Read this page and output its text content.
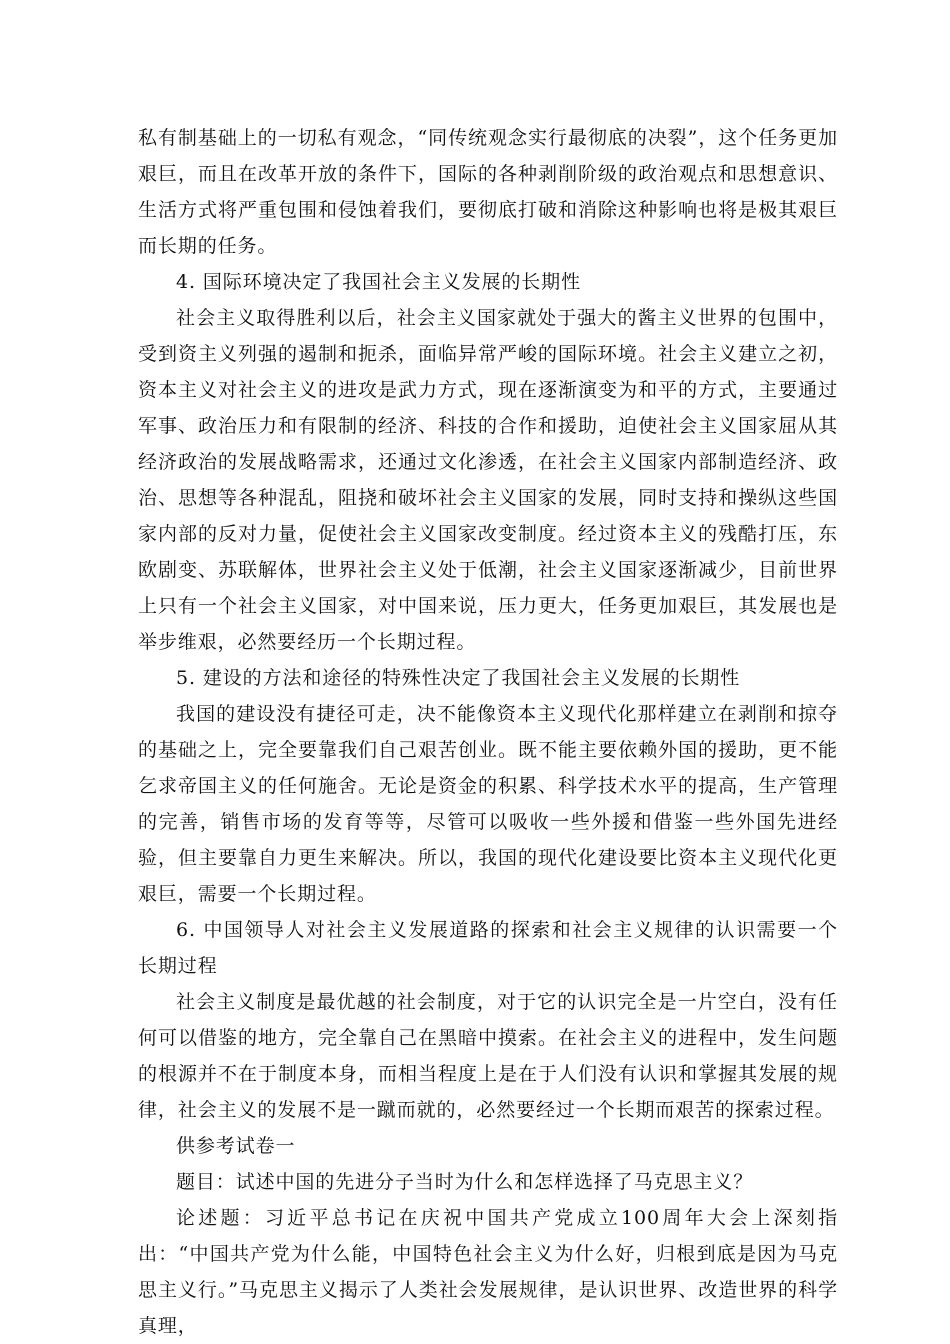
私有制基础上的一切私有观念，“同传统观念实行最彻底的决裂”，这个任务更加艰巨，而且在改革开放的条件下，国际的各种剥削阶级的政治观点和思想意识、生活方式将严重包围和侵蚀着我们，要彻底打破和消除这种影响也将是极其艰巨而长期的任务。

4. 国际环境决定了我国社会主义发展的长期性

社会主义取得胜利以后，社会主义国家就处于强大的酱主义世界的包围中，受到资主义列强的遏制和扼杀，面临异常严峻的国际环境。社会主义建立之初，资本主义对社会主义的进攻是武力方式，现在逐渐演变为和平的方式，主要通过军事、政治压力和有限制的经济、科技的合作和援助，迫使社会主义国家屈从其经济政治的发展战略需求，还通过文化渗透，在社会主义国家内部制造经济、政治、思想等各种混乱，阻挠和破坏社会主义国家的发展，同时支持和操纵这些国家内部的反对力量，促使社会主义国家改变制度。经过资本主义的残酷打压，东欧剧变、苏联解体，世界社会主义处于低潮，社会主义国家逐渐减少，目前世界上只有一个社会主义国家，对中国来说，压力更大，任务更加艰巨，其发展也是举步维艰，必然要经历一个长期过程。

5. 建设的方法和途径的特殊性决定了我国社会主义发展的长期性

我国的建设没有捷径可走，决不能像资本主义现代化那样建立在剥削和掠夺的基础之上，完全要靠我们自己艰苦创业。既不能主要依赖外国的援助，更不能乞求帝国主义的任何施舍。无论是资金的积累、科学技术水平的提高，生产管理的完善，销售市场的发育等等，尽管可以吸收一些外援和借鉴一些外国先进经验，但主要靠自力更生来解决。所以，我国的现代化建设要比资本主义现代化更艰巨，需要一个长期过程。

6. 中国领导人对社会主义发展道路的探索和社会主义规律的认识需要一个长期过程

社会主义制度是最优越的社会制度，对于它的认识完全是一片空白，没有任何可以借鉴的地方，完全靠自己在黑暗中摸索。在社会主义的进程中，发生问题的根源并不在于制度本身，而相当程度上是在于人们没有认识和掌握其发展的规律，社会主义的发展不是一蹴而就的，必然要经过一个长期而艰苦的探索过程。

供参考试卷一

题目：试述中国的先进分子当时为什么和怎样选择了马克思主义？

论述题：习近平总书记在庆祝中国共产党成立100周年大会上深刻指出：“中国共产党为什么能，中国特色社会主义为什么好，归根到底是因为马克思主义行。”马克思主义揭示了人类社会发展规律，是认识世界、改造世界的科学真理，
